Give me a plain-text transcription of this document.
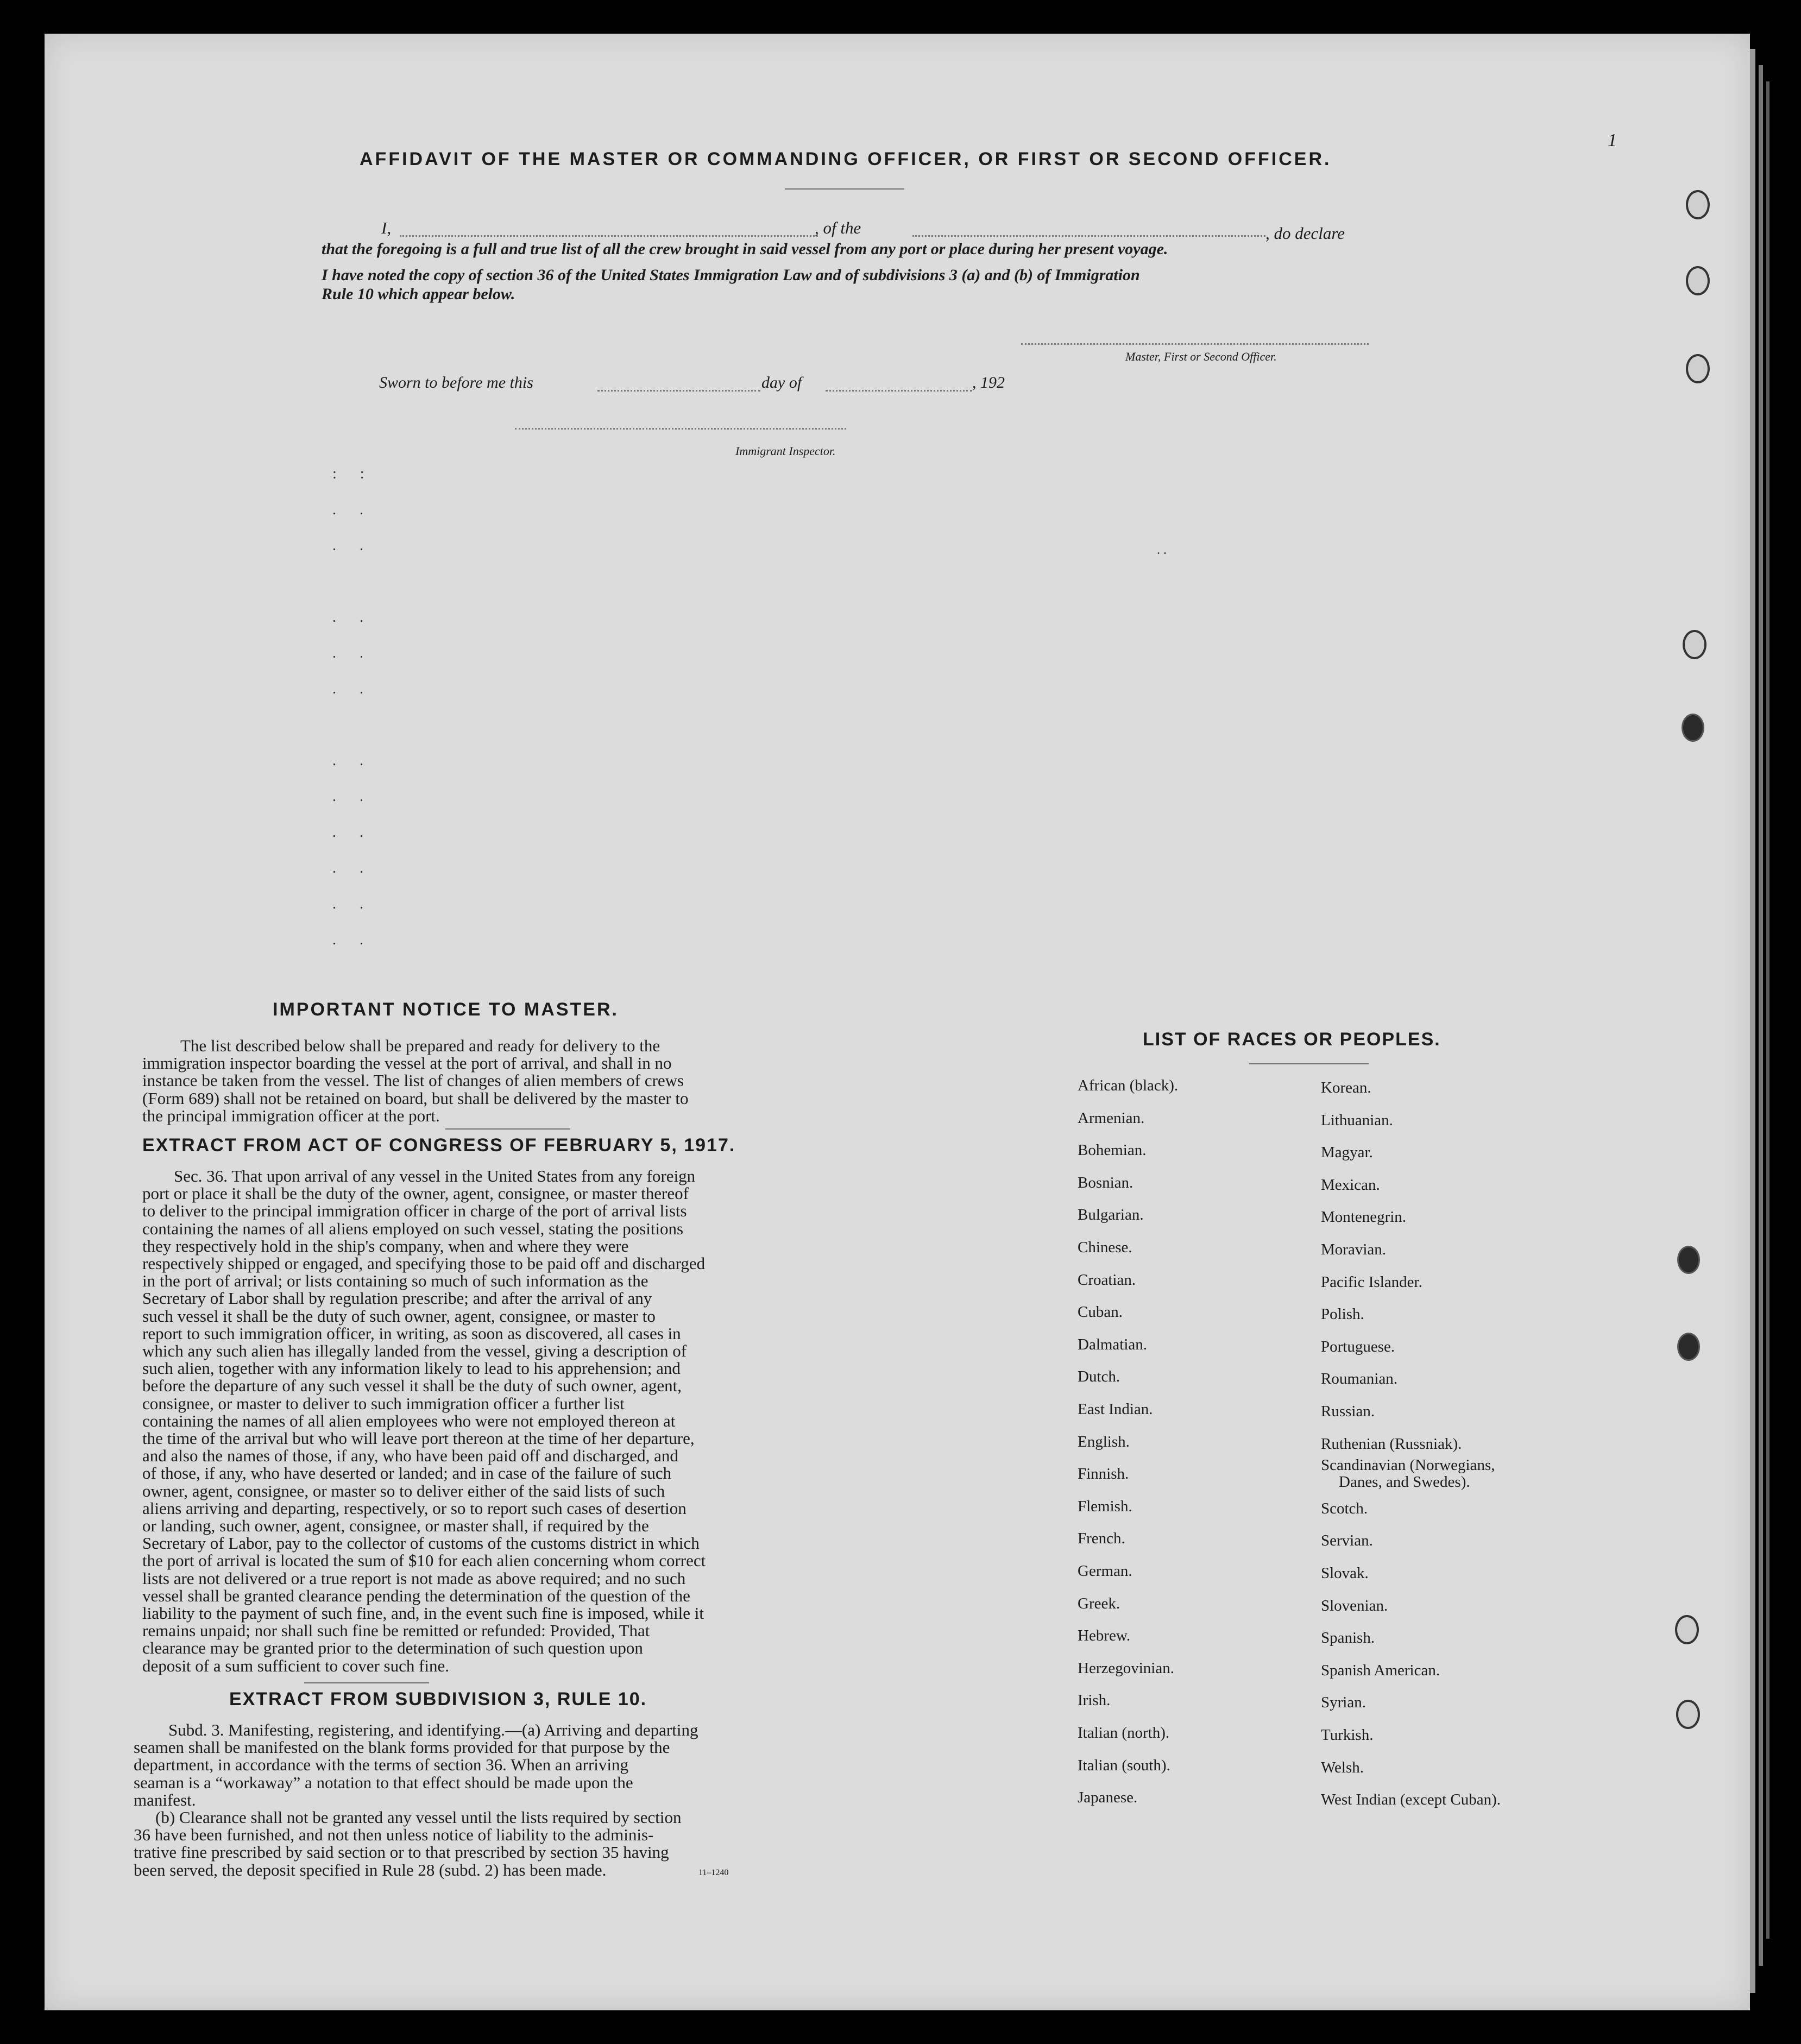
1
AFFIDAVIT OF THE MASTER OR COMMANDING OFFICER, OR FIRST OR SECOND OFFICER.
I,	, of the	, do declare
that the foregoing is a full and true list of all the crew brought in said vessel from any port or place during her present voyage.
I have noted the copy of section 36 of the United States Immigration Law and of subdivisions 3 (a) and (b) of Immigration
Rule 10 which appear below.
Master, First or Second Officer.
Sworn to before me this	day of	, 192
Immigrant Inspector.
: :
. .
. .

. .
. .
. .

. .
. .
. .
. .
. .
. .
. .
IMPORTANT NOTICE TO MASTER.
The list described below shall be prepared and ready for delivery to the
immigration inspector boarding the vessel at the port of arrival, and shall in no
instance be taken from the vessel. The list of changes of alien members of crews
(Form 689) shall not be retained on board, but shall be delivered by the master to
the principal immigration officer at the port.
EXTRACT FROM ACT OF CONGRESS OF FEBRUARY 5, 1917.
Sec. 36. That upon arrival of any vessel in the United States from any foreign
port or place it shall be the duty of the owner, agent, consignee, or master thereof
to deliver to the principal immigration officer in charge of the port of arrival lists
containing the names of all aliens employed on such vessel, stating the positions
they respectively hold in the ship's company, when and where they were
respectively shipped or engaged, and specifying those to be paid off and discharged
in the port of arrival; or lists containing so much of such information as the
Secretary of Labor shall by regulation prescribe; and after the arrival of any
such vessel it shall be the duty of such owner, agent, consignee, or master to
report to such immigration officer, in writing, as soon as discovered, all cases in
which any such alien has illegally landed from the vessel, giving a description of
such alien, together with any information likely to lead to his apprehension; and
before the departure of any such vessel it shall be the duty of such owner, agent,
consignee, or master to deliver to such immigration officer a further list
containing the names of all alien employees who were not employed thereon at
the time of the arrival but who will leave port thereon at the time of her departure,
and also the names of those, if any, who have been paid off and discharged, and
of those, if any, who have deserted or landed; and in case of the failure of such
owner, agent, consignee, or master so to deliver either of the said lists of such
aliens arriving and departing, respectively, or so to report such cases of desertion
or landing, such owner, agent, consignee, or master shall, if required by the
Secretary of Labor, pay to the collector of customs of the customs district in which
the port of arrival is located the sum of $10 for each alien concerning whom correct
lists are not delivered or a true report is not made as above required; and no such
vessel shall be granted clearance pending the determination of the question of the
liability to the payment of such fine, and, in the event such fine is imposed, while it
remains unpaid; nor shall such fine be remitted or refunded: Provided, That
clearance may be granted prior to the determination of such question upon
deposit of a sum sufficient to cover such fine.
EXTRACT FROM SUBDIVISION 3, RULE 10.
Subd. 3. Manifesting, registering, and identifying.—(a) Arriving and departing
seamen shall be manifested on the blank forms provided for that purpose by the
department, in accordance with the terms of section 36. When an arriving
seaman is a “workaway” a notation to that effect should be made upon the
manifest.
(b) Clearance shall not be granted any vessel until the lists required by section
36 have been furnished, and not then unless notice of liability to the adminis-
trative fine prescribed by said section or to that prescribed by section 35 having
been served, the deposit specified in Rule 28 (subd. 2) has been made.	11–1240
LIST OF RACES OR PEOPLES.
African (black).
Armenian.
Bohemian.
Bosnian.
Bulgarian.
Chinese.
Croatian.
Cuban.
Dalmatian.
Dutch.
East Indian.
English.
Finnish.
Flemish.
French.
German.
Greek.
Hebrew.
Herzegovinian.
Irish.
Italian (north).
Italian (south).
Japanese.
Korean.
Lithuanian.
Magyar.
Mexican.
Montenegrin.
Moravian.
Pacific Islander.
Polish.
Portuguese.
Roumanian.
Russian.
Ruthenian (Russniak).
Scandinavian (Norwegians,
Scotch.
Servian.
Slovak.
Slovenian.
Spanish.
Spanish American.
Syrian.
Turkish.
Welsh.
West Indian (except Cuban).
Danes, and Swedes).
